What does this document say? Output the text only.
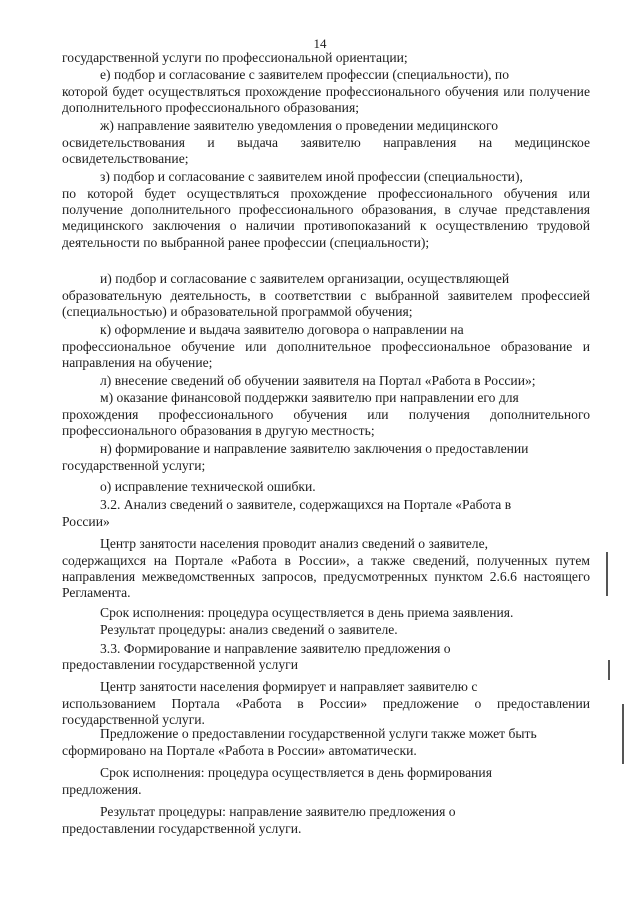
14

государственной услуги по профессиональной ориентации;

е) подбор и согласование с заявителем профессии (специальности), по

которой будет осуществляться прохождение профессионального обучения или получение дополнительного профессионального образования;

ж) направление заявителю уведомления о проведении медицинского

освидетельствования и выдача заявителю направления на медицинское освидетельствование;

з) подбор и согласование с заявителем иной профессии (специальности),

по которой будет осуществляться прохождение профессионального обучения или получение дополнительного профессионального образования, в случае представления медицинского заключения о наличии противопоказаний к осуществлению трудовой деятельности по выбранной ранее профессии (специальности);

и) подбор и согласование с заявителем организации, осуществляющей

образовательную деятельность, в соответствии с выбранной заявителем профессией (специальностью) и образовательной программой обучения;

к) оформление и выдача заявителю договора о направлении на

профессиональное обучение или дополнительное профессиональное образование и направления на обучение;

л) внесение сведений об обучении заявителя на Портал «Работа в России»;

м) оказание финансовой поддержки заявителю при направлении его для

прохождения профессионального обучения или получения дополнительного профессионального образования в другую местность;

н) формирование и направление заявителю заключения о предоставлении

государственной услуги;

о) исправление технической ошибки.

3.2. Анализ сведений о заявителе, содержащихся на Портале «Работа в

России»

Центр занятости населения проводит анализ сведений о заявителе,

содержащихся на Портале «Работа в России», а также сведений, полученных путем направления межведомственных запросов, предусмотренных пунктом 2.6.6 настоящего Регламента.

Срок исполнения: процедура осуществляется в день приема заявления.

Результат процедуры: анализ сведений о заявителе.

3.3. Формирование и направление заявителю предложения о

предоставлении государственной услуги

Центр занятости населения формирует и направляет заявителю с

использованием Портала «Работа в России» предложение о предоставлении государственной услуги.

Предложение о предоставлении государственной услуги также может быть

сформировано на Портале «Работа в России» автоматически.

Срок исполнения: процедура осуществляется в день формирования

предложения.

Результат процедуры: направление заявителю предложения о

предоставлении государственной услуги.
